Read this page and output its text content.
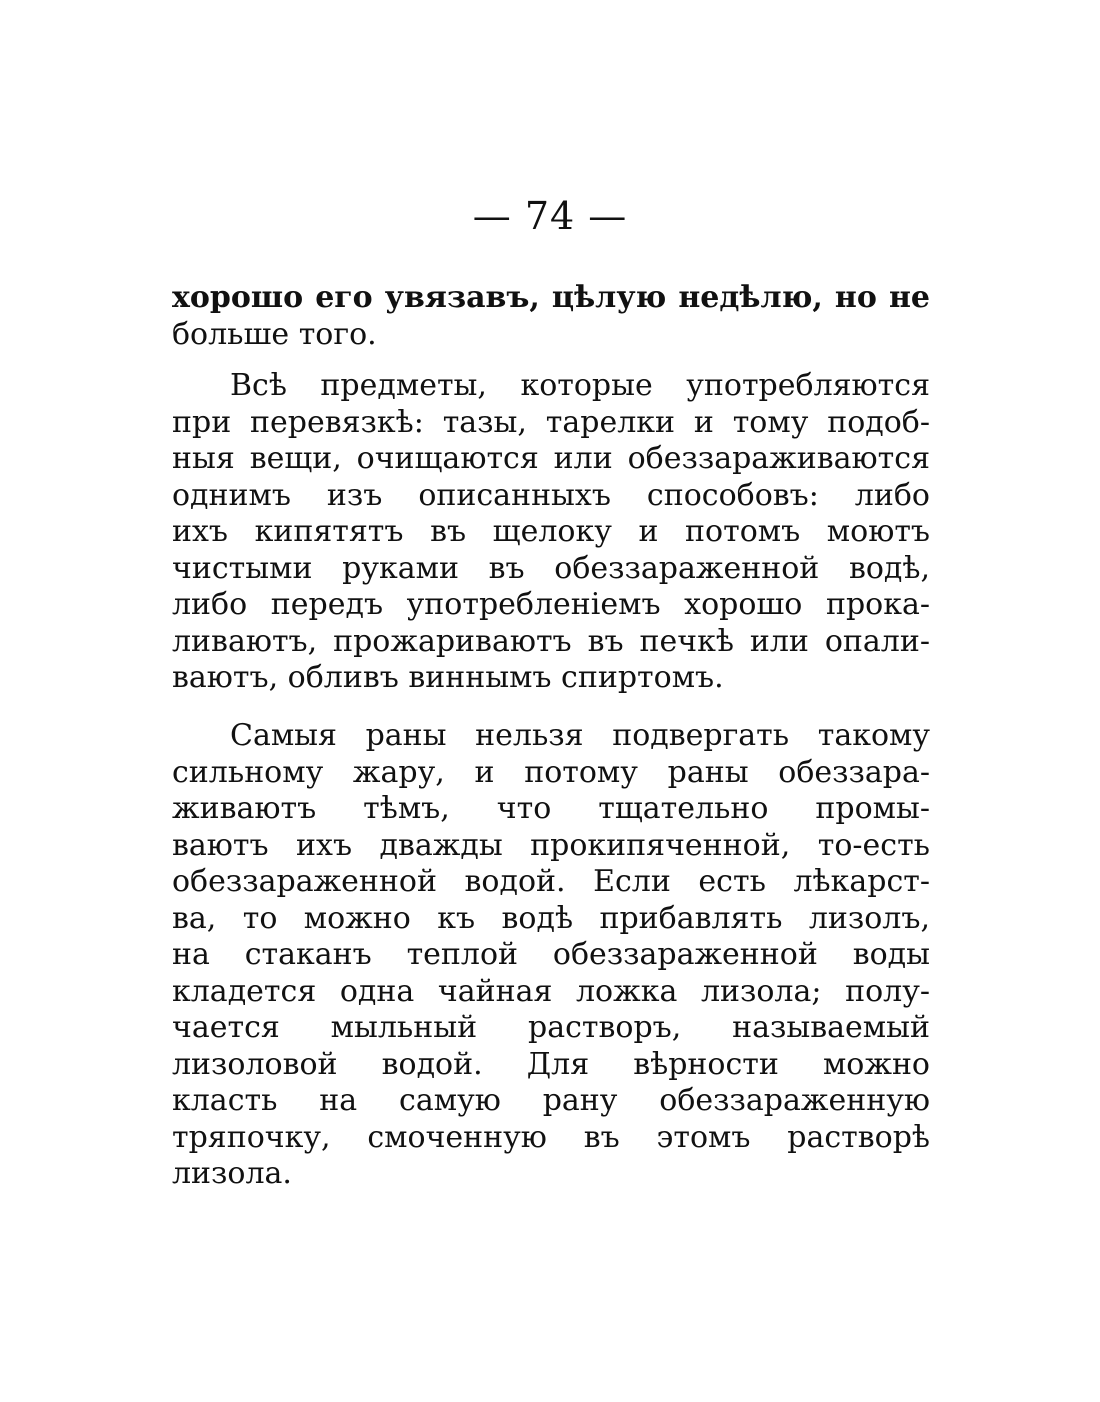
— 74 —
хорошо его увязавъ, цѣлую недѣлю, но не
больше того.
Всѣ предметы, которые употребляются
при перевязкѣ: тазы, тарелки и тому подоб-
ныя вещи, очищаются или обеззараживаются
однимъ изъ описанныхъ способовъ: либо
ихъ кипятятъ въ щелоку и потомъ моютъ
чистыми руками въ обеззараженной водѣ,
либо передъ употребленіемъ хорошо прока-
ливаютъ, прожариваютъ въ печкѣ или опали-
ваютъ, обливъ виннымъ спиртомъ.
Самыя раны нельзя подвергать такому
сильному жару, и потому раны обеззара-
живаютъ тѣмъ, что тщательно промы-
ваютъ ихъ дважды прокипяченной, то-есть
обеззараженной водой. Если есть лѣкарст-
ва, то можно къ водѣ прибавлять лизолъ,
на стаканъ теплой обеззараженной воды
кладется одна чайная ложка лизола; полу-
чается мыльный растворъ, называемый
лизоловой водой. Для вѣрности можно
класть на самую рану обеззараженную
тряпочку, смоченную въ этомъ растворѣ
лизола.
